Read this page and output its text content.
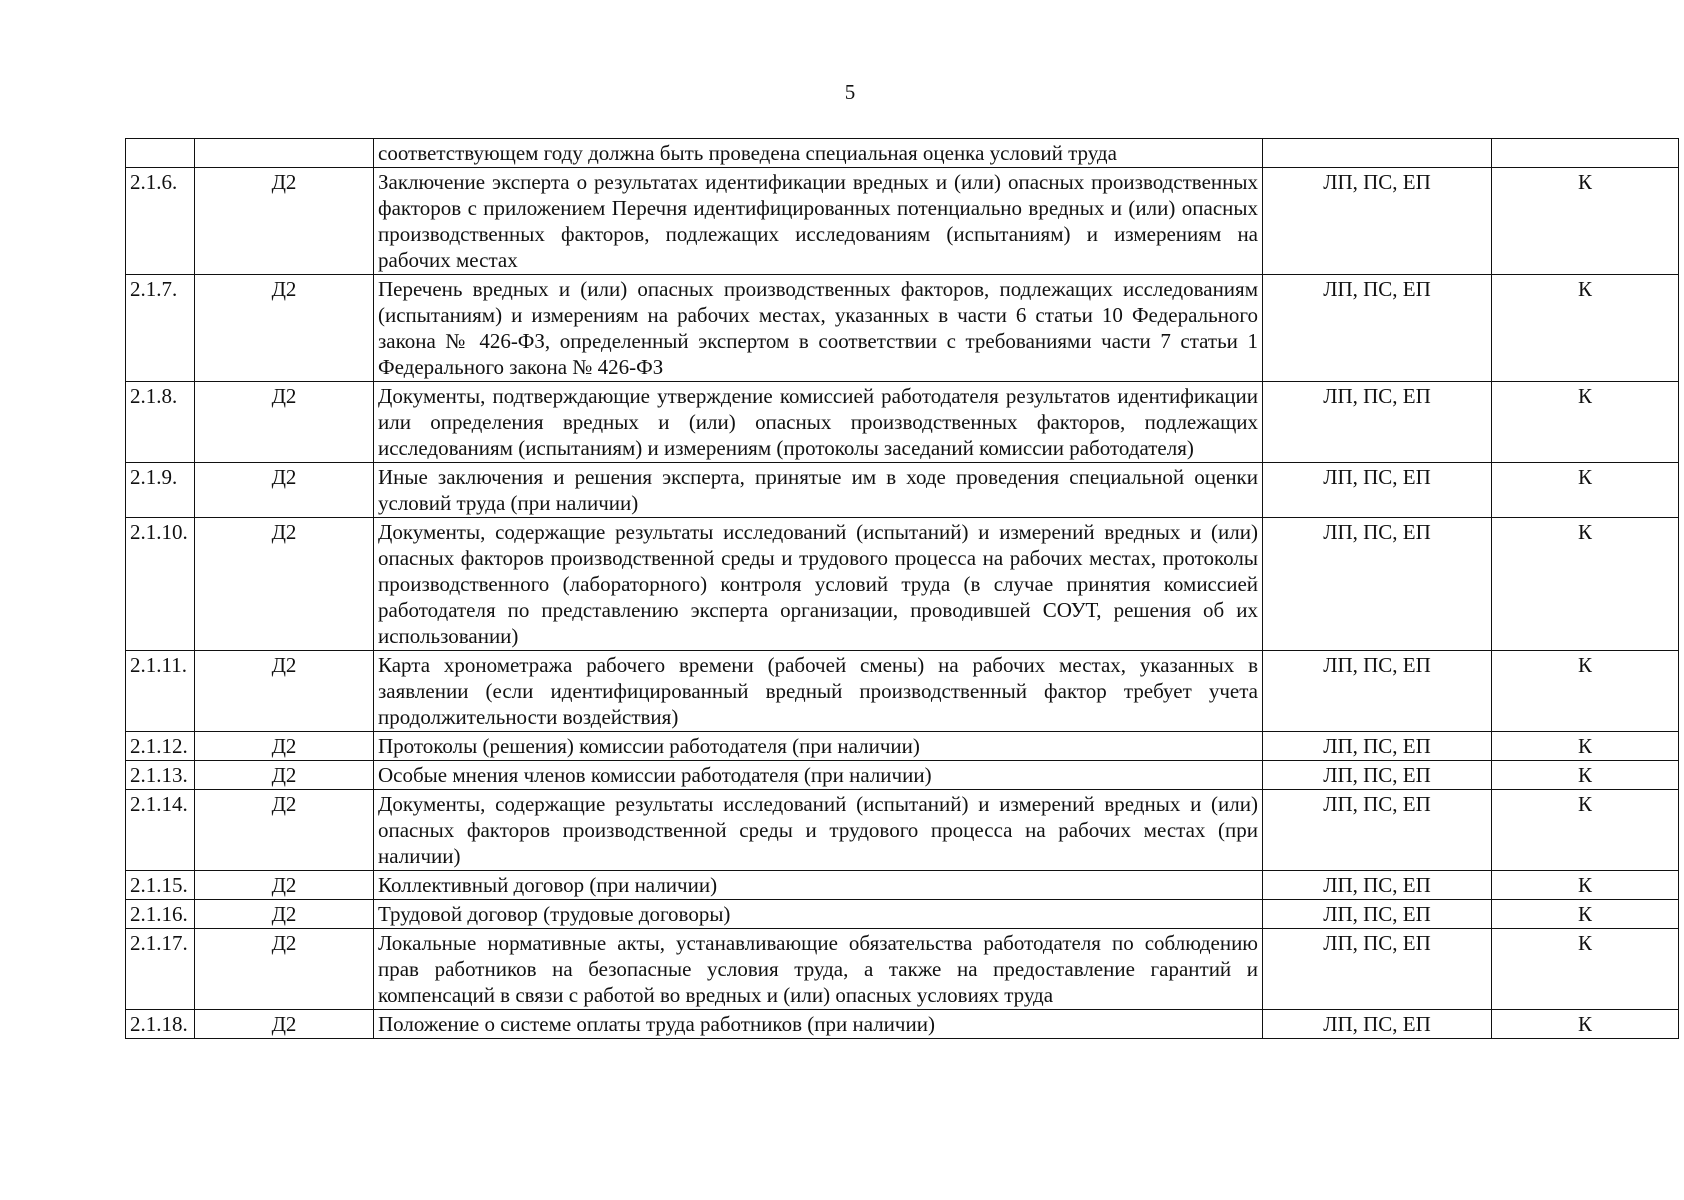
5
		соответствующем году должна быть проведена специальная оценка условий труда		
2.1.6.	Д2	Заключение эксперта о результатах идентификации вредных и (или) опасных производственных факторов с приложением Перечня идентифицированных потенциально вредных и (или) опасных производственных факторов, подлежащих исследованиям (испытаниям) и измерениям на рабочих местах	ЛП, ПС, ЕП	К
2.1.7.	Д2	Перечень вредных и (или) опасных производственных факторов, подлежащих исследованиям (испытаниям) и измерениям на рабочих местах, указанных в части 6 статьи 10 Федерального закона № 426-ФЗ, определенный экспертом в соответствии с требованиями части 7 статьи 1 Федерального закона № 426-ФЗ	ЛП, ПС, ЕП	К
2.1.8.	Д2	Документы, подтверждающие утверждение комиссией работодателя результатов идентификации или определения вредных и (или) опасных производственных факторов, подлежащих исследованиям (испытаниям) и измерениям (протоколы заседаний комиссии работодателя)	ЛП, ПС, ЕП	К
2.1.9.	Д2	Иные заключения и решения эксперта, принятые им в ходе проведения специальной оценки условий труда (при наличии)	ЛП, ПС, ЕП	К
2.1.10.	Д2	Документы, содержащие результаты исследований (испытаний) и измерений вредных и (или) опасных факторов производственной среды и трудового процесса на рабочих местах, протоколы производственного (лабораторного) контроля условий труда (в случае принятия комиссией работодателя по представлению эксперта организации, проводившей СОУТ, решения об их использовании)	ЛП, ПС, ЕП	К
2.1.11.	Д2	Карта хронометража рабочего времени (рабочей смены) на рабочих местах, указанных в заявлении (если идентифицированный вредный производственный фактор требует учета продолжительности воздействия)	ЛП, ПС, ЕП	К
2.1.12.	Д2	Протоколы (решения) комиссии работодателя (при наличии)	ЛП, ПС, ЕП	К
2.1.13.	Д2	Особые мнения членов комиссии работодателя (при наличии)	ЛП, ПС, ЕП	К
2.1.14.	Д2	Документы, содержащие результаты исследований (испытаний) и измерений вредных и (или) опасных факторов производственной среды и трудового процесса на рабочих местах (при наличии)	ЛП, ПС, ЕП	К
2.1.15.	Д2	Коллективный договор (при наличии)	ЛП, ПС, ЕП	К
2.1.16.	Д2	Трудовой договор (трудовые договоры)	ЛП, ПС, ЕП	К
2.1.17.	Д2	Локальные нормативные акты, устанавливающие обязательства работодателя по соблюдению прав работников на безопасные условия труда, а также на предоставление гарантий и компенсаций в связи с работой во вредных и (или) опасных условиях труда	ЛП, ПС, ЕП	К
2.1.18.	Д2	Положение о системе оплаты труда работников (при наличии)	ЛП, ПС, ЕП	К
